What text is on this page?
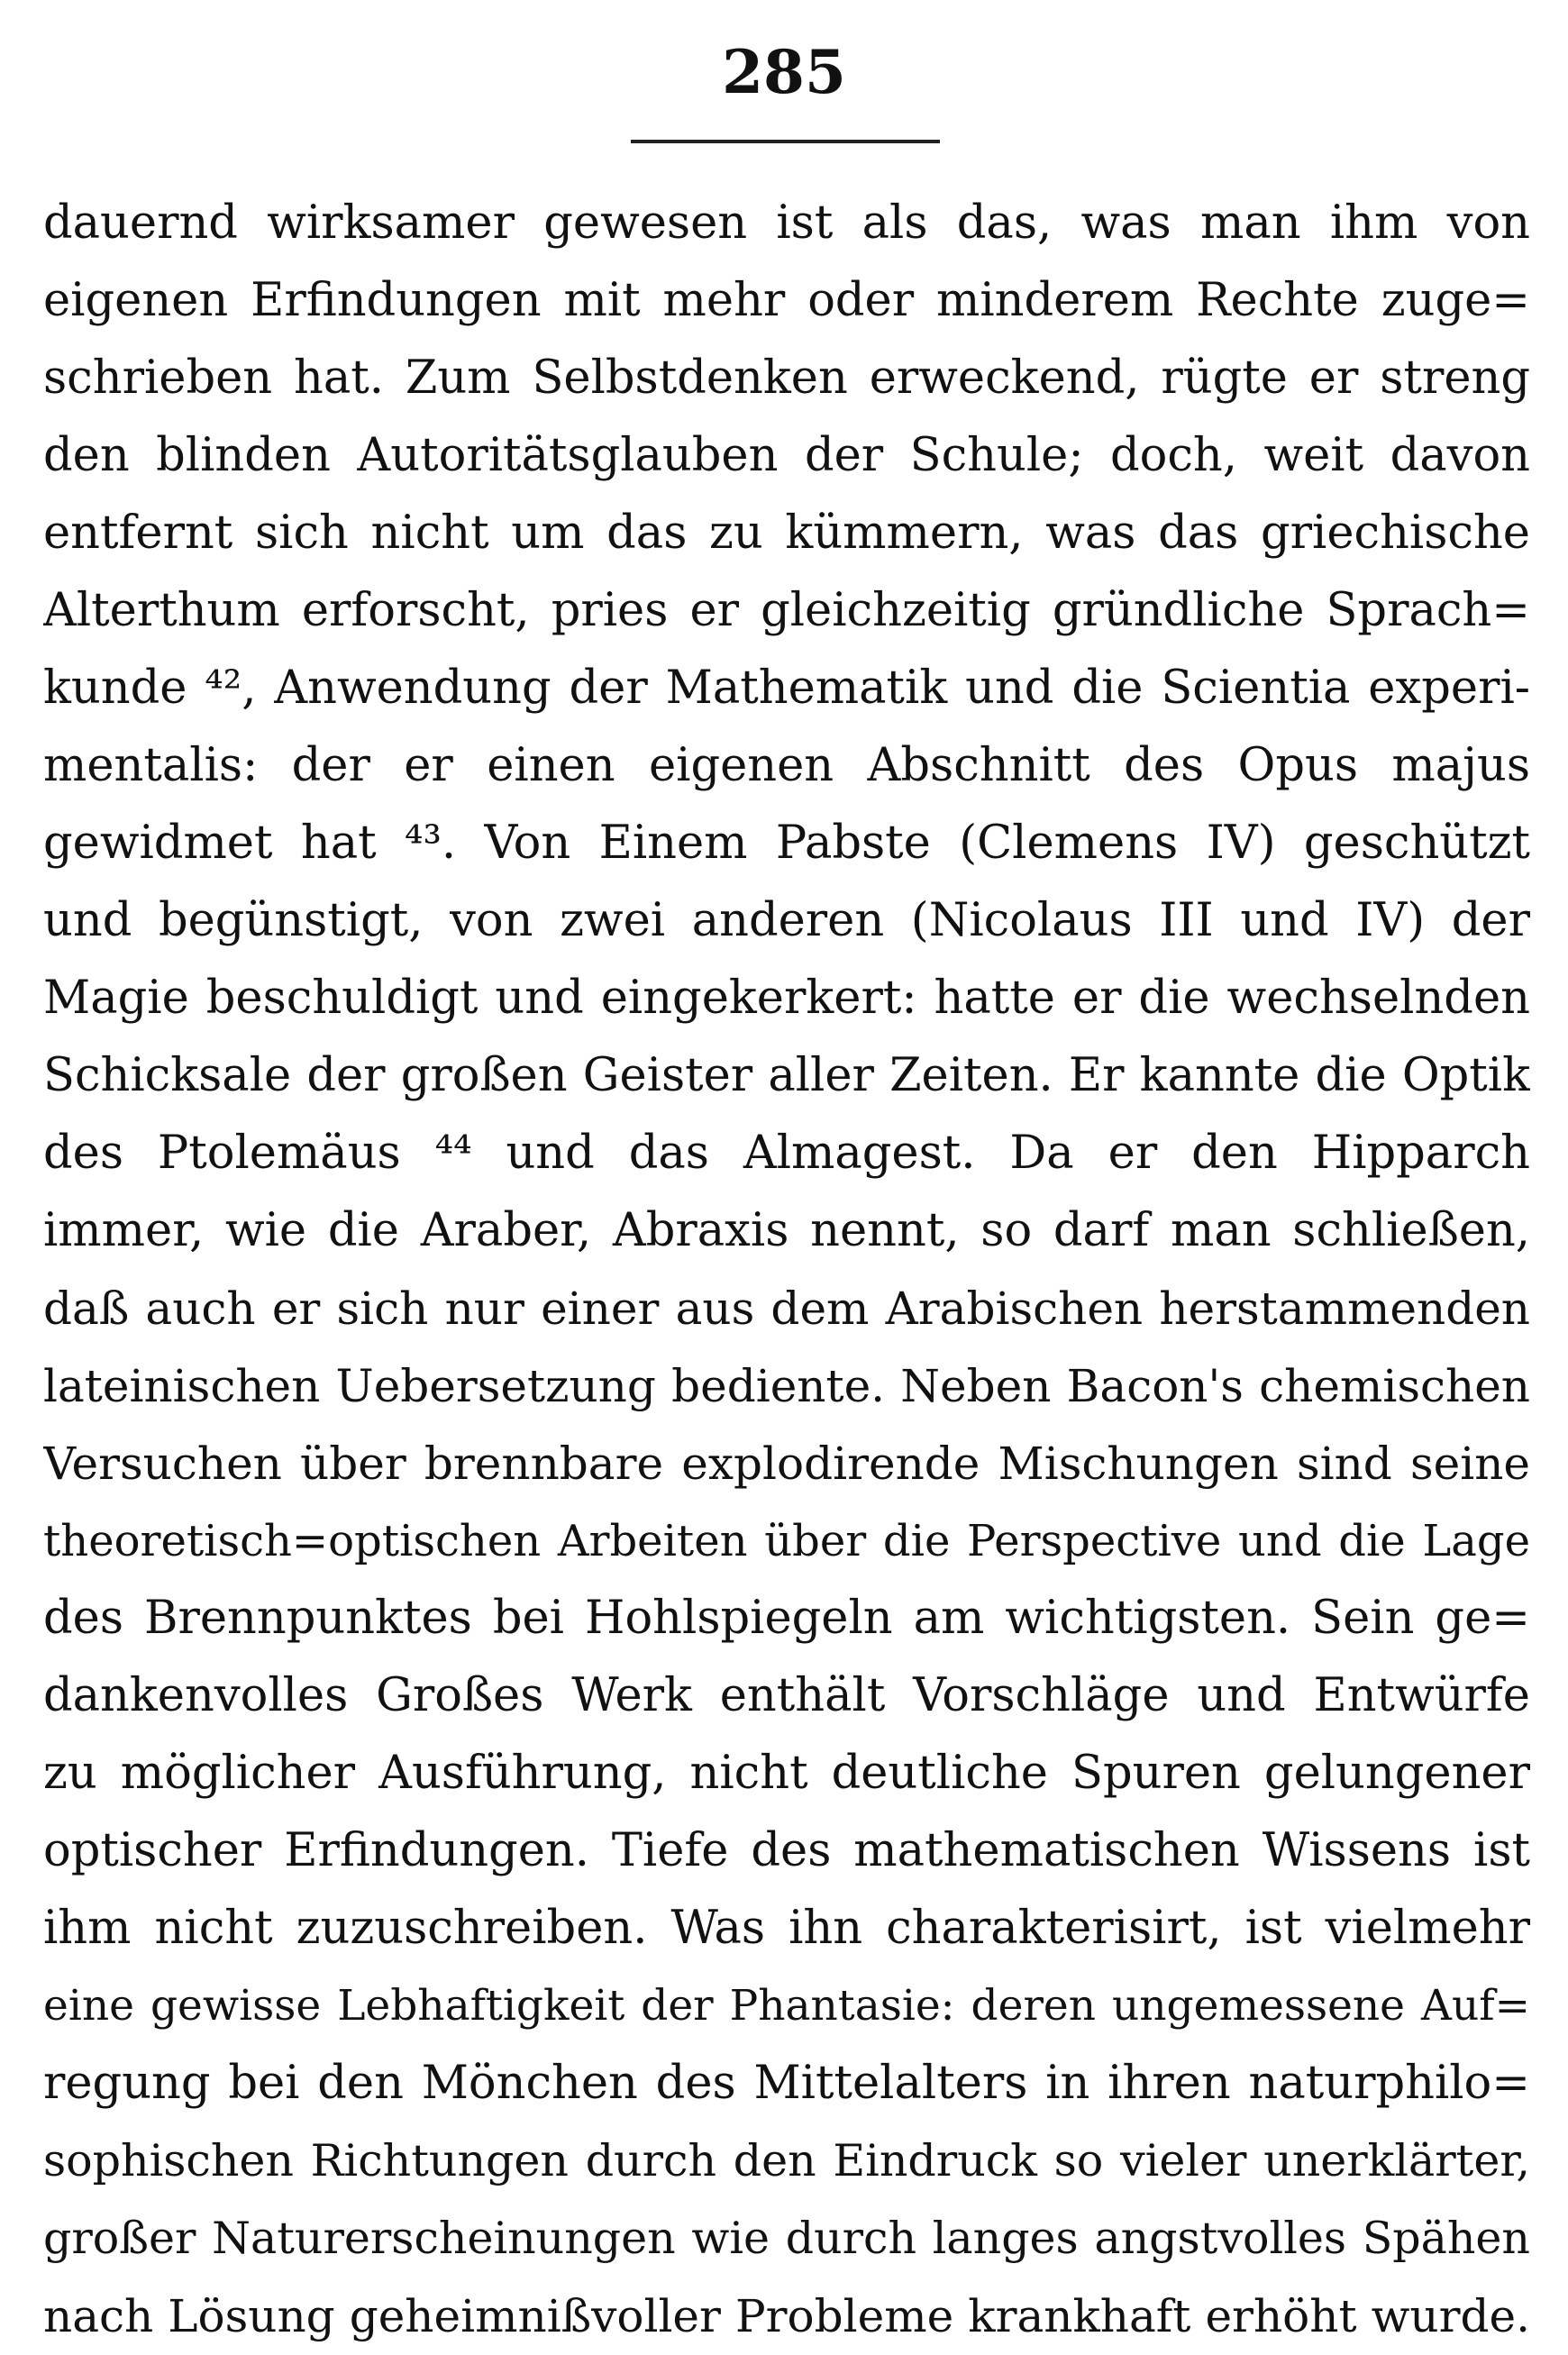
285
dauernd wirksamer gewesen ist als das, was man ihm von
eigenen Erfindungen mit mehr oder minderem Rechte zuge=
schrieben hat. Zum Selbstdenken erweckend, rügte er streng
den blinden Autoritätsglauben der Schule; doch, weit davon
entfernt sich nicht um das zu kümmern, was das griechische
Alterthum erforscht, pries er gleichzeitig gründliche Sprach=
kunde ⁴², Anwendung der Mathematik und die Scientia experi-
mentalis: der er einen eigenen Abschnitt des Opus majus
gewidmet hat ⁴³. Von Einem Pabste (Clemens IV) geschützt
und begünstigt, von zwei anderen (Nicolaus III und IV) der
Magie beschuldigt und eingekerkert: hatte er die wechselnden
Schicksale der großen Geister aller Zeiten. Er kannte die Optik
des Ptolemäus ⁴⁴ und das Almagest. Da er den Hipparch
immer, wie die Araber, Abraxis nennt, so darf man schließen,
daß auch er sich nur einer aus dem Arabischen herstammenden
lateinischen Uebersetzung bediente. Neben Bacon's chemischen
Versuchen über brennbare explodirende Mischungen sind seine
theoretisch=optischen Arbeiten über die Perspective und die Lage
des Brennpunktes bei Hohlspiegeln am wichtigsten. Sein ge=
dankenvolles Großes Werk enthält Vorschläge und Entwürfe
zu möglicher Ausführung, nicht deutliche Spuren gelungener
optischer Erfindungen. Tiefe des mathematischen Wissens ist
ihm nicht zuzuschreiben. Was ihn charakterisirt, ist vielmehr
eine gewisse Lebhaftigkeit der Phantasie: deren ungemessene Auf=
regung bei den Mönchen des Mittelalters in ihren naturphilo=
sophischen Richtungen durch den Eindruck so vieler unerklärter,
großer Naturerscheinungen wie durch langes angstvolles Spähen
nach Lösung geheimnißvoller Probleme krankhaft erhöht wurde.
